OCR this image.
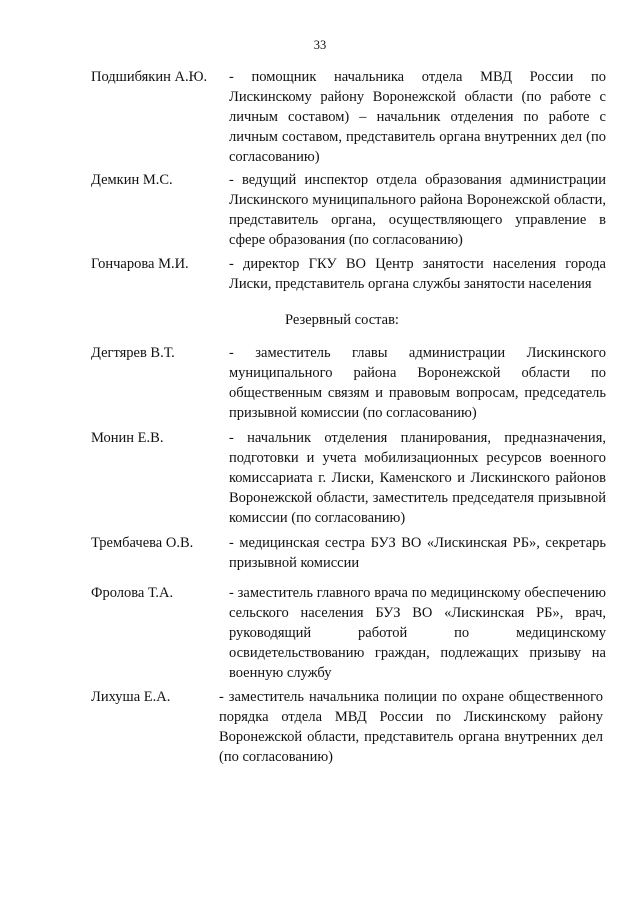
33
Подшибякин А.Ю. - помощник начальника отдела МВД России по Лискинскому району Воронежской области (по работе с личным составом) – начальник отделения по работе с личным составом, представитель органа внутренних дел (по согласованию)
Демкин М.С.	- ведущий инспектор отдела образования администрации Лискинского муниципального района Воронежской области, представитель органа, осуществляющего управление в сфере образования (по согласованию)
Гончарова М.И.	- директор ГКУ ВО Центр занятости населения города Лиски, представитель органа службы занятости населения
Резервный состав:
Дегтярев В.Т.	- заместитель главы администрации Лискинского муниципального района Воронежской области по общественным связям и правовым вопросам, председатель призывной комиссии (по согласованию)
Монин Е.В.	- начальник отделения планирования, предназначения, подготовки и учета мобилизационных ресурсов военного комиссариата г. Лиски, Каменского и Лискинского районов Воронежской области, заместитель председателя призывной комиссии (по согласованию)
Трембачева О.В. - медицинская сестра БУЗ ВО «Лискинская РБ», секретарь призывной комиссии
Фролова Т.А.	- заместитель главного врача по медицинскому обеспечению сельского населения БУЗ ВО «Лискинская РБ», врач, руководящий работой по медицинскому освидетельствованию граждан, подлежащих призыву на военную службу
Лихуша Е.А.	- заместитель начальника полиции по охране общественного порядка отдела МВД России по Лискинскому району Воронежской области, представитель органа внутренних дел (по согласованию)
